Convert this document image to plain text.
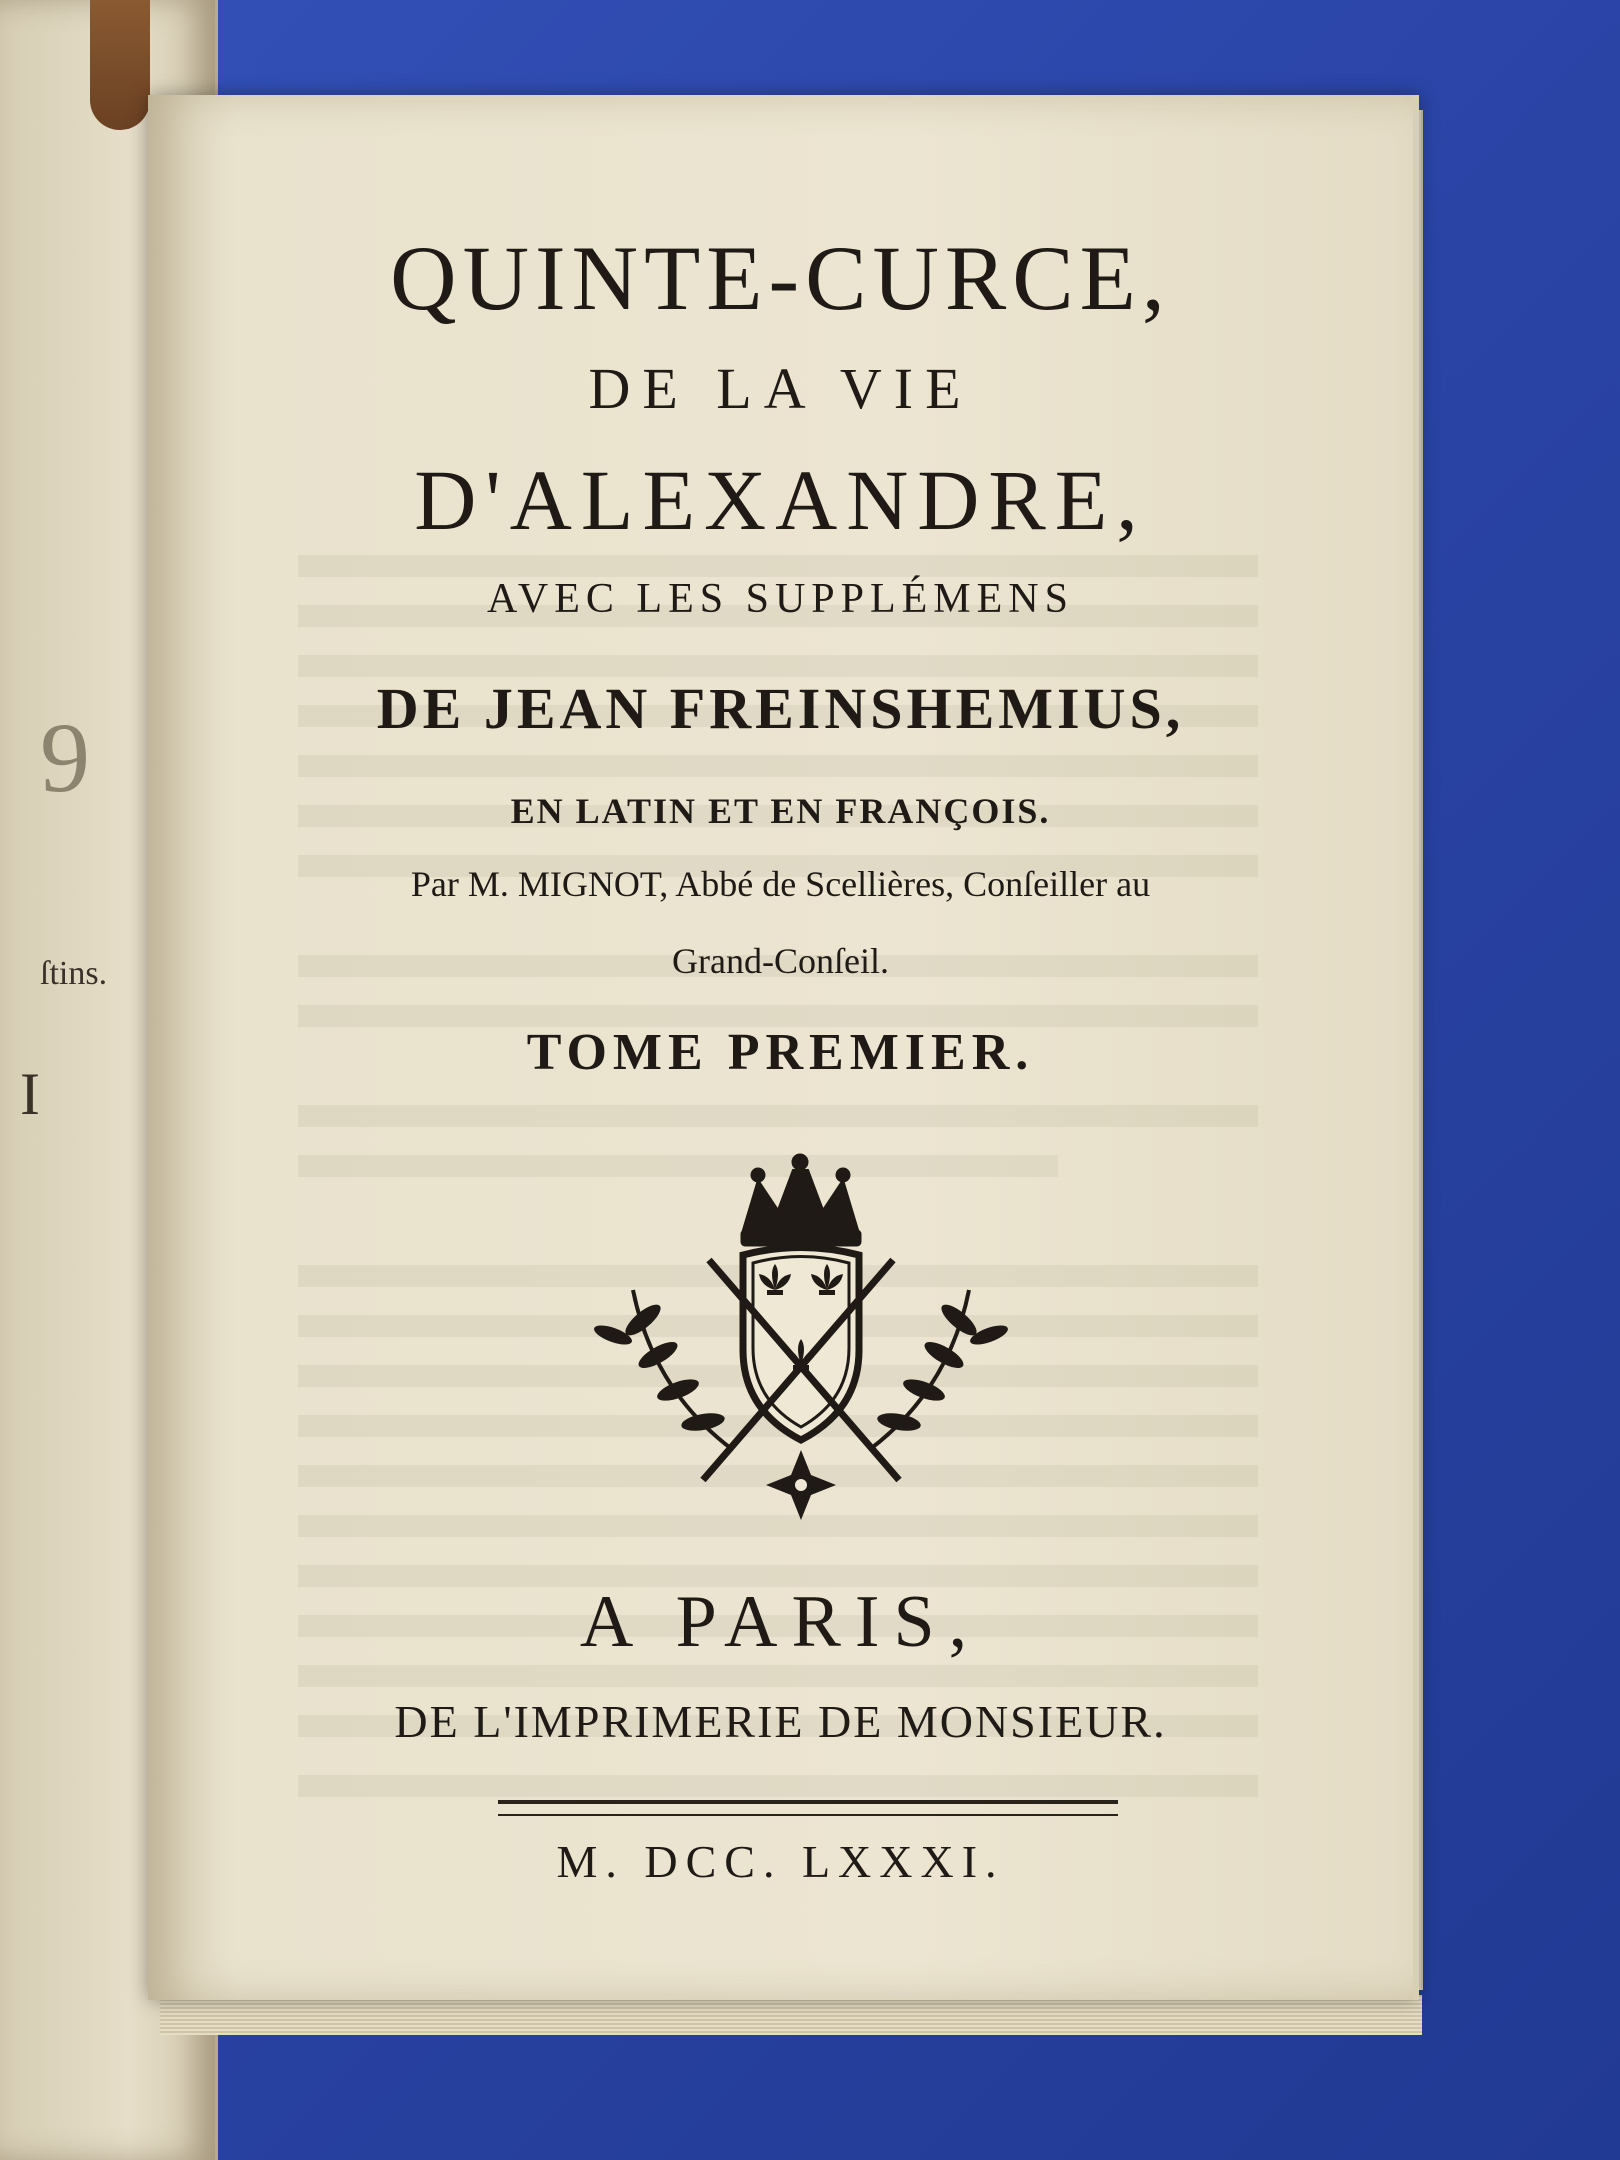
9
ſtins.
I
QUINTE-CURCE,
DE LA VIE
D'ALEXANDRE,
AVEC LES SUPPLÉMENS
DE JEAN FREINSHEMIUS,
EN LATIN ET EN FRANÇOIS.
Par M. MIGNOT, Abbé de Scellières, Conſeiller au
Grand-Conſeil.
TOME PREMIER.
A PARIS,
DE L'IMPRIMERIE DE MONSIEUR.
M. DCC. LXXXI.
